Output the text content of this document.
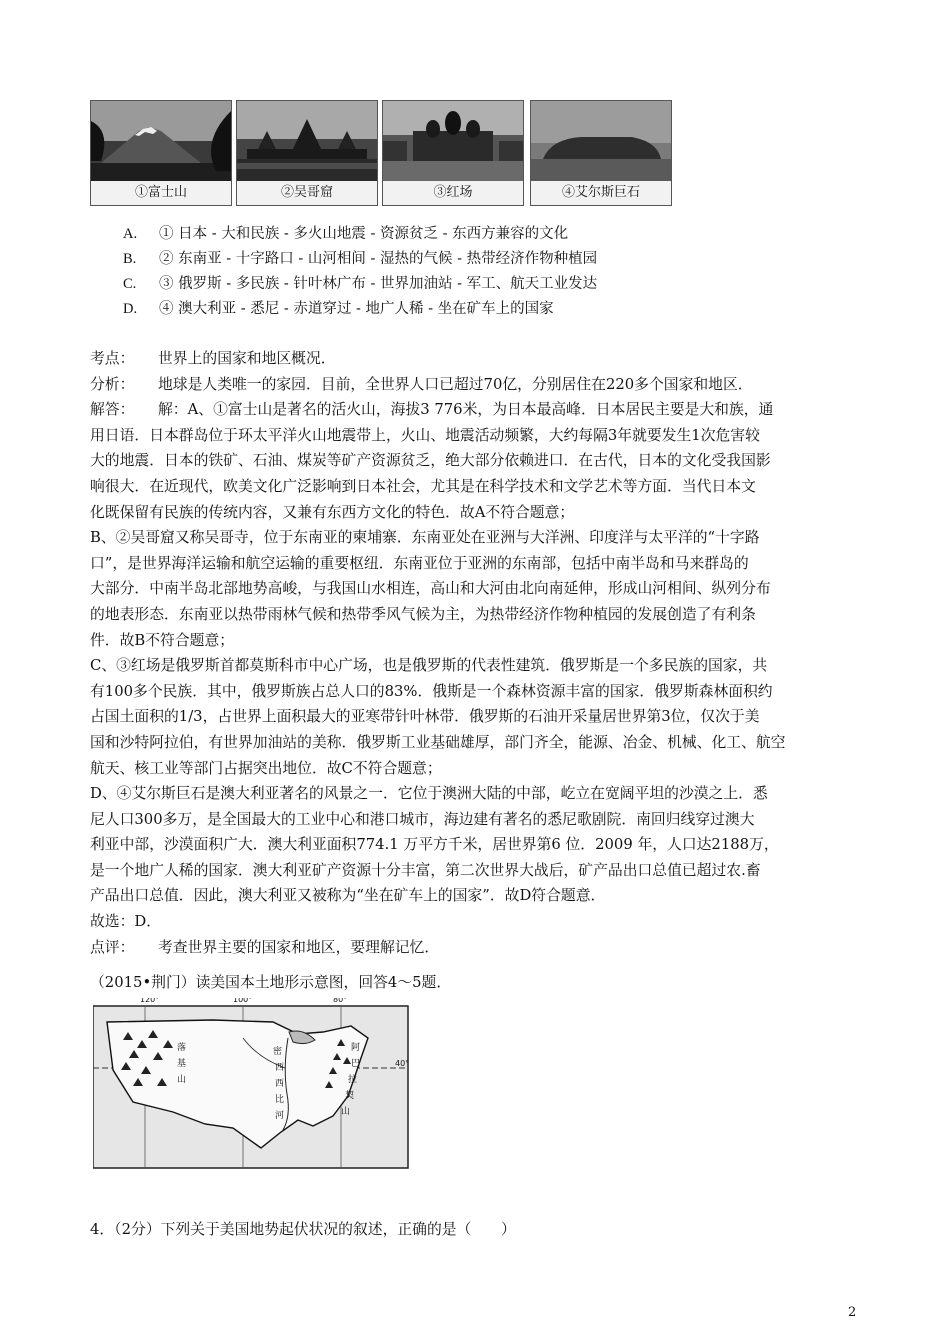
①富士山	②吴哥窟	③红场	④艾尔斯巨石
A. ① 日本 - 大和民族 - 多火山地震 - 资源贫乏 - 东西方兼容的文化
B. ② 东南亚 - 十字路口 - 山河相间 - 湿热的气候 - 热带经济作物种植园
C. ③ 俄罗斯 - 多民族 - 针叶林广布 - 世界加油站 - 军工、航天工业发达
D. ④ 澳大利亚 - 悉尼 - 赤道穿过 - 地广人稀 - 坐在矿车上的国家
考点： 世界上的国家和地区概况．
分析： 地球是人类唯一的家园．目前，全世界人口已超过70亿，分别居住在220多个国家和地区．
解答： 解：A、①富士山是著名的活火山，海拔3 776米，为日本最高峰．日本居民主要是大和族，通
用日语．日本群岛位于环太平洋火山地震带上，火山、地震活动频繁，大约每隔3年就要发生1次危害较
大的地震．日本的铁矿、石油、煤炭等矿产资源贫乏，绝大部分依赖进口．在古代，日本的文化受我国影
响很大．在近现代，欧美文化广泛影响到日本社会，尤其是在科学技术和文学艺术等方面．当代日本文
化既保留有民族的传统内容，又兼有东西方文化的特色．故A不符合题意；
B、②吴哥窟又称吴哥寺，位于东南亚的柬埔寨．东南亚处在亚洲与大洋洲、印度洋与太平洋的“十字路
口”，是世界海洋运输和航空运输的重要枢纽．东南亚位于亚洲的东南部，包括中南半岛和马来群岛的
大部分．中南半岛北部地势高峻，与我国山水相连，高山和大河由北向南延伸，形成山河相间、纵列分布
的地表形态．东南亚以热带雨林气候和热带季风气候为主，为热带经济作物种植园的发展创造了有利条
件．故B不符合题意；
C、③红场是俄罗斯首都莫斯科市中心广场，也是俄罗斯的代表性建筑．俄罗斯是一个多民族的国家，共
有100多个民族．其中，俄罗斯族占总人口的83%．俄斯是一个森林资源丰富的国家．俄罗斯森林面积约
占国土面积的1/3，占世界上面积最大的亚寒带针叶林带．俄罗斯的石油开采量居世界第3位，仅次于美
国和沙特阿拉伯，有世界加油站的美称．俄罗斯工业基础雄厚，部门齐全，能源、冶金、机械、化工、航空
航天、核工业等部门占据突出地位．故C不符合题意；
D、④艾尔斯巨石是澳大利亚著名的风景之一．它位于澳洲大陆的中部，屹立在宽阔平坦的沙漠之上．悉
尼人口300多万，是全国最大的工业中心和港口城市，海边建有著名的悉尼歌剧院．南回归线穿过澳大
利亚中部，沙漠面积广大．澳大利亚面积774.1 万平方千米，居世界第6 位．2009 年，人口达2188万，
是一个地广人稀的国家．澳大利亚矿产资源十分丰富，第二次世界大战后，矿产品出口总值已超过农.畜
产品出口总值．因此，澳大利亚又被称为“坐在矿车上的国家”．故D符合题意．
故选：D．
点评： 考查世界主要的国家和地区，要理解记忆．
（2015•荆门）读美国本土地形示意图，回答4～5题．
120°	100°	80°
40°
密
西
西
比
河
阿
巴
拉
契
山
落
基
山
4．（2分）下列关于美国地势起伏状况的叙述，正确的是（　　）
2
